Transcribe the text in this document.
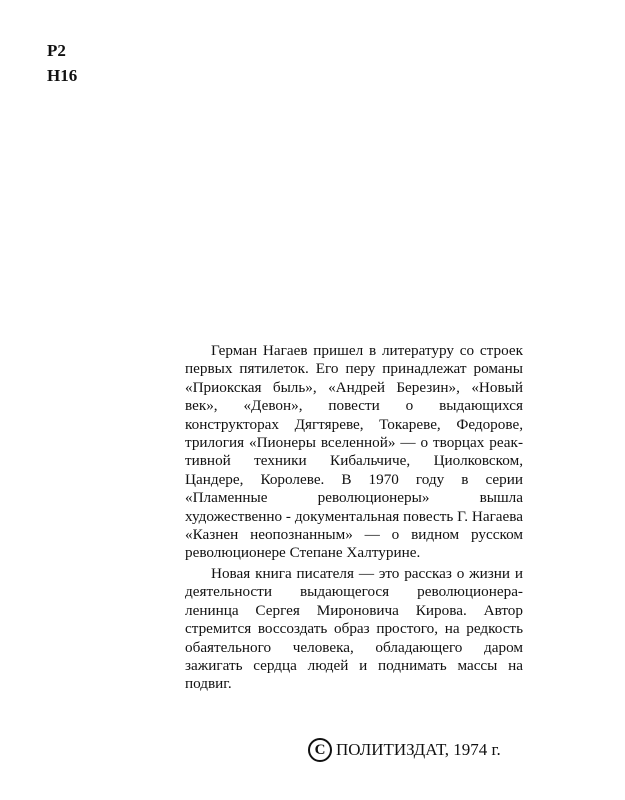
Р2
Н16

Герман Нагаев пришел в литературу со строек первых пятилеток. Его перу принадлежат романы «Приокская быль», «Андрей Березин», «Новый век», «Девон», повести о выдающихся конструкторах Дягтяреве, Токареве, Федорове, трилогия «Пионеры вселенной» — о творцах реактивной техники Кибальчиче, Циолковском, Цандере, Королеве. В 1970 году в серии «Пламенные революционеры» вышла художественно - документальная повесть Г. Нагаева «Казнен неопознанным» — о видном русском революционере Степане Халтурине.

Новая книга писателя — это рассказ о жизни и деятельности выдающегося революционера-ленинца Сергея Мироновича Кирова. Автор стремится воссоздать образ простого, на редкость обаятельного человека, обладающего даром зажигать сердца людей и поднимать массы на подвиг.

С ПОЛИТИЗДАТ, 1974 г.
